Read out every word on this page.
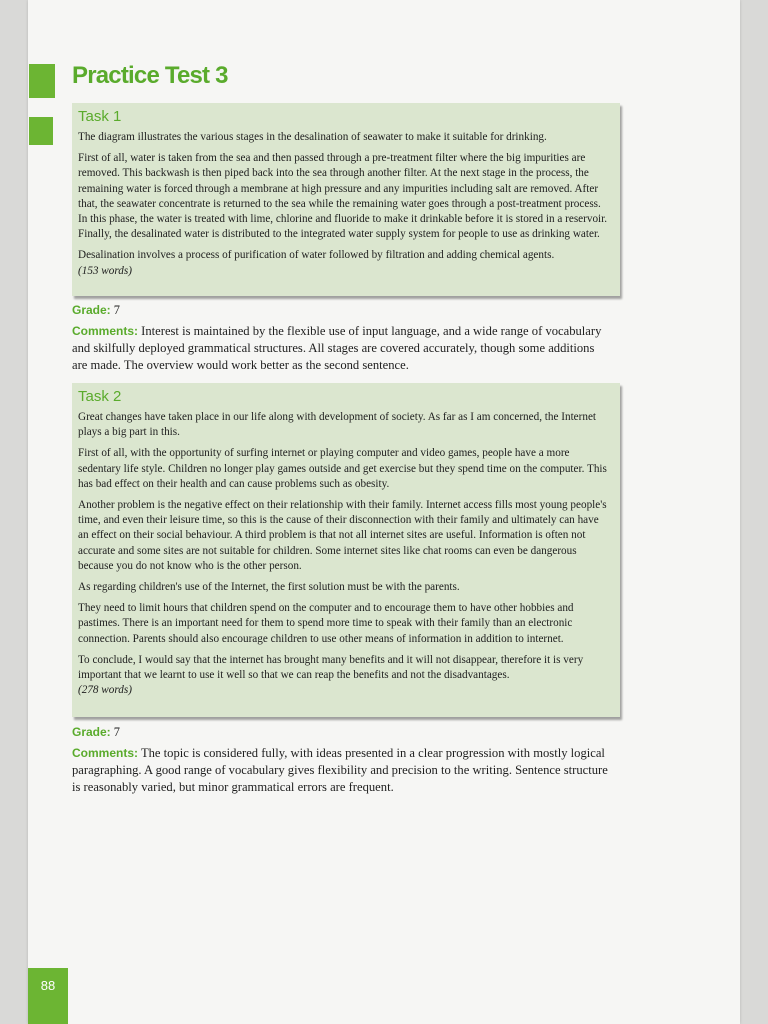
Practice Test 3
Task 1

The diagram illustrates the various stages in the desalination of seawater to make it suitable for drinking.

First of all, water is taken from the sea and then passed through a pre-treatment filter where the big impurities are removed. This backwash is then piped back into the sea through another filter. At the next stage in the process, the remaining water is forced through a membrane at high pressure and any impurities including salt are removed. After that, the seawater concentrate is returned to the sea while the remaining water goes through a post-treatment process. In this phase, the water is treated with lime, chlorine and fluoride to make it drinkable before it is stored in a reservoir. Finally, the desalinated water is distributed to the integrated water supply system for people to use as drinking water.

Desalination involves a process of purification of water followed by filtration and adding chemical agents.
(153 words)

Grade: 7

Comments: Interest is maintained by the flexible use of input language, and a wide range of vocabulary and skilfully deployed grammatical structures. All stages are covered accurately, though some additions are made. The overview would work better as the second sentence.

Task 2

Great changes have taken place in our life along with development of society. As far as I am concerned, the Internet plays a big part in this.

First of all, with the opportunity of surfing internet or playing computer and video games, people have a more sedentary life style. Children no longer play games outside and get exercise but they spend time on the computer. This has bad effect on their health and can cause problems such as obesity.

Another problem is the negative effect on their relationship with their family. Internet access fills most young people's time, and even their leisure time, so this is the cause of their disconnection with their family and ultimately can have an effect on their social behaviour. A third problem is that not all internet sites are useful. Information is often not accurate and some sites are not suitable for children. Some internet sites like chat rooms can even be dangerous because you do not know who is the other person.

As regarding children's use of the Internet, the first solution must be with the parents.

They need to limit hours that children spend on the computer and to encourage them to have other hobbies and pastimes. There is an important need for them to spend more time to speak with their family than an electronic connection. Parents should also encourage children to use other means of information in addition to internet.

To conclude, I would say that the internet has brought many benefits and it will not disappear, therefore it is very important that we learnt to use it well so that we can reap the benefits and not the disadvantages.
(278 words)

Grade: 7

Comments: The topic is considered fully, with ideas presented in a clear progression with mostly logical paragraphing. A good range of vocabulary gives flexibility and precision to the writing. Sentence structure is reasonably varied, but minor grammatical errors are frequent.

88
